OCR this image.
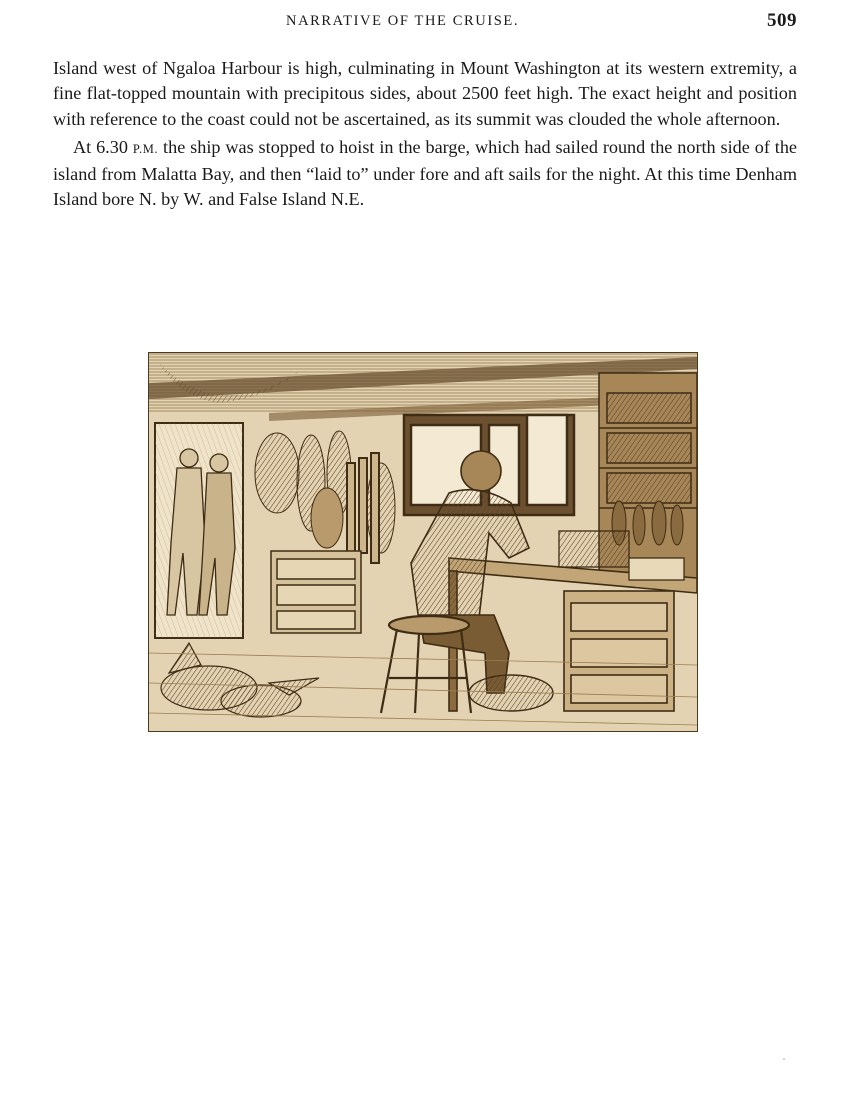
NARRATIVE OF THE CRUISE.	509

Island west of Ngaloa Harbour is high, culminating in Mount Washington at its western extremity, a fine flat-topped mountain with precipitous sides, about 2500 feet high. The exact height and position with reference to the coast could not be ascertained, as its summit was clouded the whole afternoon.

At 6.30 P.M. the ship was stopped to hoist in the barge, which had sailed round the north side of the island from Malatta Bay, and then “laid to” under fore and aft sails for the night. At this time Denham Island bore N. by W. and False Island N.E.
